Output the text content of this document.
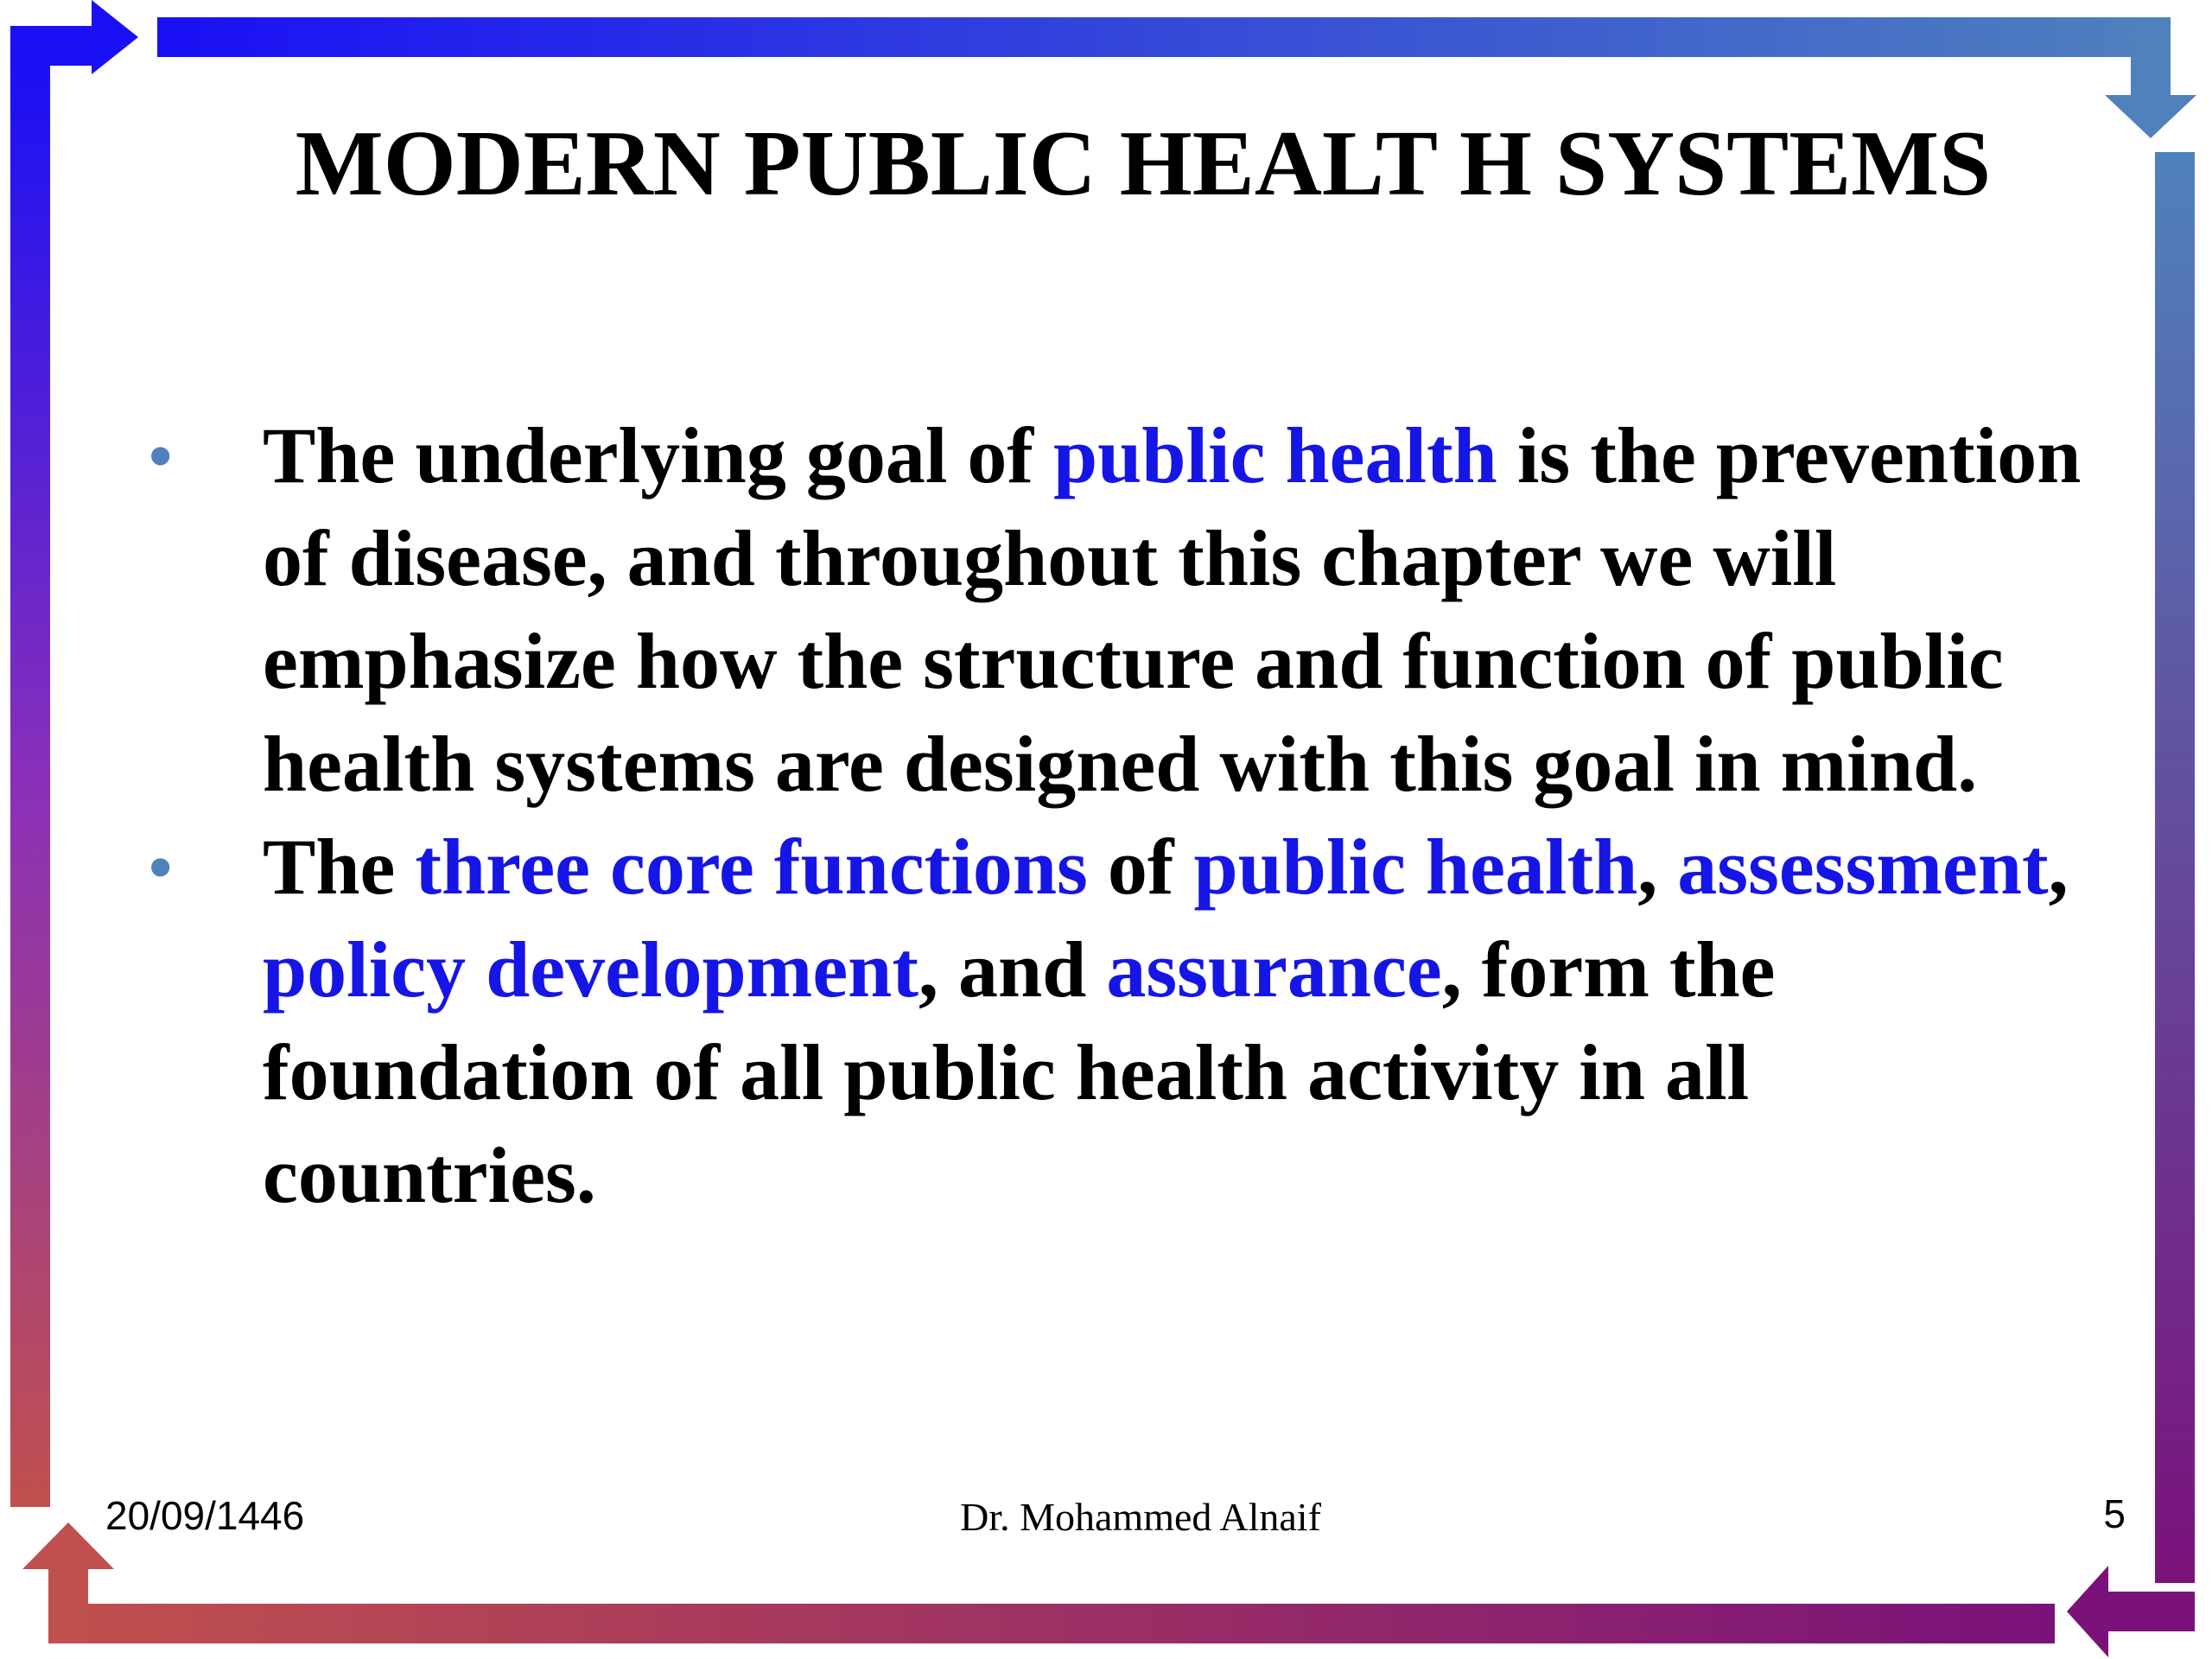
MODERN PUBLIC HEALT H SYSTEMS

• The underlying goal of public health is the prevention of disease, and throughout this chapter we will emphasize how the structure and function of public health systems are designed with this goal in mind.

• The three core functions of public health, assessment, policy development, and assurance, form the foundation of all public health activity in all countries.

20/09/1446	Dr. Mohammed Alnaif	5
